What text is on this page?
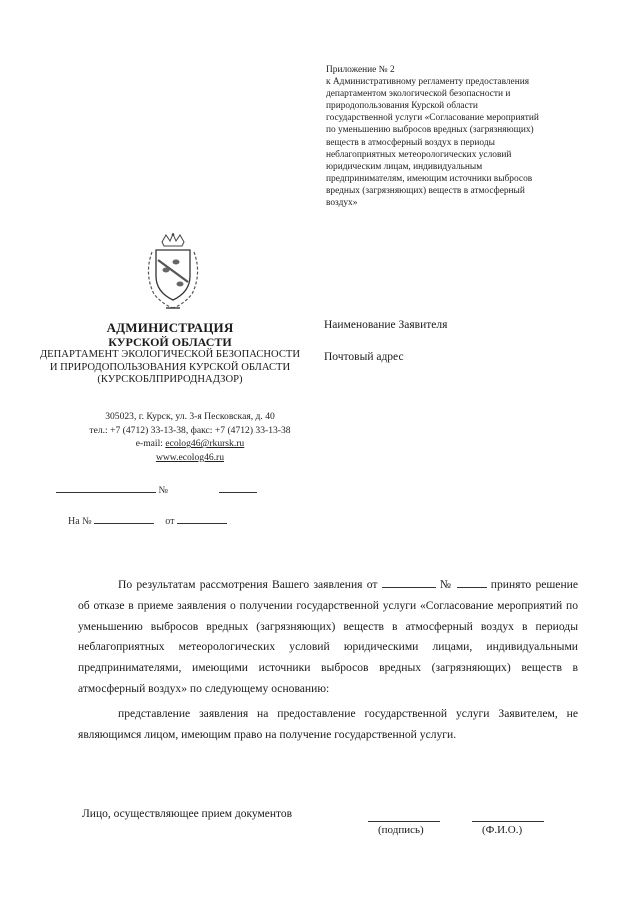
Приложение № 2
к Административному регламенту предоставления
департаментом экологической безопасности и
природопользования Курской области
государственной услуги «Согласование мероприятий
по уменьшению выбросов вредных (загрязняющих)
веществ в атмосферный воздух в периоды
неблагоприятных метеорологических условий
юридическим лицам, индивидуальным
предпринимателям, имеющим источники выбросов
вредных (загрязняющих) веществ в атмосферный
воздух»
АДМИНИСТРАЦИЯ
КУРСКОЙ ОБЛАСТИ
ДЕПАРТАМЕНТ ЭКОЛОГИЧЕСКОЙ БЕЗОПАСНОСТИ
И ПРИРОДОПОЛЬЗОВАНИЯ КУРСКОЙ ОБЛАСТИ
(КУРСКОБЛПРИРОДНАДЗОР)
305023, г. Курск, ул. 3-я Песковская, д. 40
тел.: +7 (4712) 33-13-38, факс: +7 (4712) 33-13-38
e-mail: ecolog46@rkursk.ru
www.ecolog46.ru
№
На №	от
Наименование Заявителя
Почтовый адрес

По результатам рассмотрения Вашего заявления от	№	принято решение об отказе в приеме заявления о получении государственной услуги «Согласование мероприятий по уменьшению выбросов вредных (загрязняющих) веществ в атмосферный воздух в периоды неблагоприятных метеорологических условий юридическими лицами, индивидуальными предпринимателями, имеющими источники выбросов вредных (загрязняющих) веществ в атмосферный воздух» по следующему основанию:

представление заявления на предоставление государственной услуги Заявителем, не являющимся лицом, имеющим право на получение государственной услуги.

Лицо, осуществляющее прием документов
(подпись)	(Ф.И.О.)
